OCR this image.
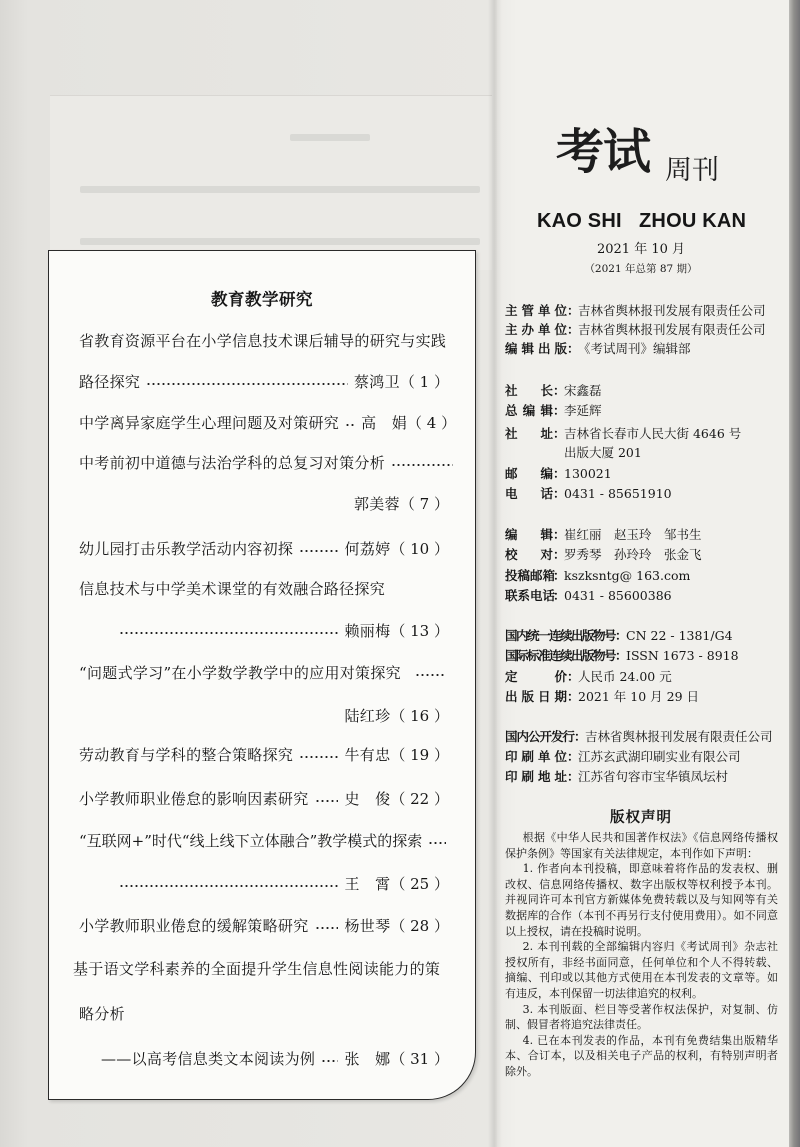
教育教学研究
省教育资源平台在小学信息技术课后辅导的研究与实践
路径探究	蔡鸿卫 （ 1 ）
中学离异家庭学生心理问题及对策研究 高　娟 （ 4 ）
中考前初中道德与法治学科的总复习对策分析
郭美蓉 （ 7 ）
幼儿园打击乐教学活动内容初探	何荔婷 （ 10 ）
信息技术与中学美术课堂的有效融合路径探究
赖丽梅 （ 13 ）
“问题式学习”在小学数学教学中的应用对策探究
陆红珍 （ 16 ）
劳动教育与学科的整合策略探究	牛有忠 （ 19 ）
小学教师职业倦怠的影响因素研究 史　俊 （ 22 ）
“互联网+”时代“线上线下立体融合”教学模式的探索
王　霄 （ 25 ）
小学教师职业倦怠的缓解策略研究 杨世琴 （ 28 ）
基于语文学科素养的全面提升学生信息性阅读能力的策
略分析
——以高考信息类文本阅读为例 张　娜 （ 31 ）
考试 周刊
KAO SHI   ZHOU KAN
2021 年 10 月
（2021 年总第 87 期）
主管单位 ：
吉林省舆林报刊发展有限责任公司
主办单位 ：
吉林省舆林报刊发展有限责任公司
编辑出版 ：
《考试周刊》编辑部
社长 ：
宋鑫磊
总编辑 ：
李延辉
社址 ：
吉林省长春市人民大街 4646 号
出版大厦 201
邮编 ：
130021
电话 ：
0431 - 85651910
编辑 ：
崔红丽　赵玉玲　邹书生
校对 ：
罗秀琴　孙玲玲　张金飞
投稿邮箱
：
kszksntg@ 163.com
联系电话
：
0431 - 85600386
国内统一连续出版物号 ：
CN 22 - 1381/G4
国际标准连续出版物号 ：
ISSN 1673 - 8918
定价 ：
人民币 24.00 元
出版日期 ：
2021 年 10 月 29 日
国内公开发行 ：
吉林省舆林报刊发展有限责任公司
印刷单位 ：
江苏玄武湖印刷实业有限公司
印刷地址 ：
江苏省句容市宝华镇凤坛村
版权声明

根据《中华人民共和国著作权法》《信息网络传播权保护条例》等国家有关法律规定，本刊作如下声明：

1. 作者向本刊投稿，即意味着将作品的发表权、删改权、信息网络传播权、数字出版权等权利授予本刊。并视同许可本刊官方新媒体免费转载以及与知网等有关数据库的合作（本刊不再另行支付使用费用）。如不同意以上授权，请在投稿时说明。

2. 本刊刊载的全部编辑内容归《考试周刊》杂志社授权所有，非经书面同意，任何单位和个人不得转载、摘编、刊印或以其他方式使用在本刊发表的文章等。如有违反，本刊保留一切法律追究的权利。

3. 本刊版面、栏目等受著作权法保护，对复制、仿制、假冒者将追究法律责任。

4. 已在本刊发表的作品，本刊有免费结集出版精华本、合订本，以及相关电子产品的权利，有特别声明者除外。
